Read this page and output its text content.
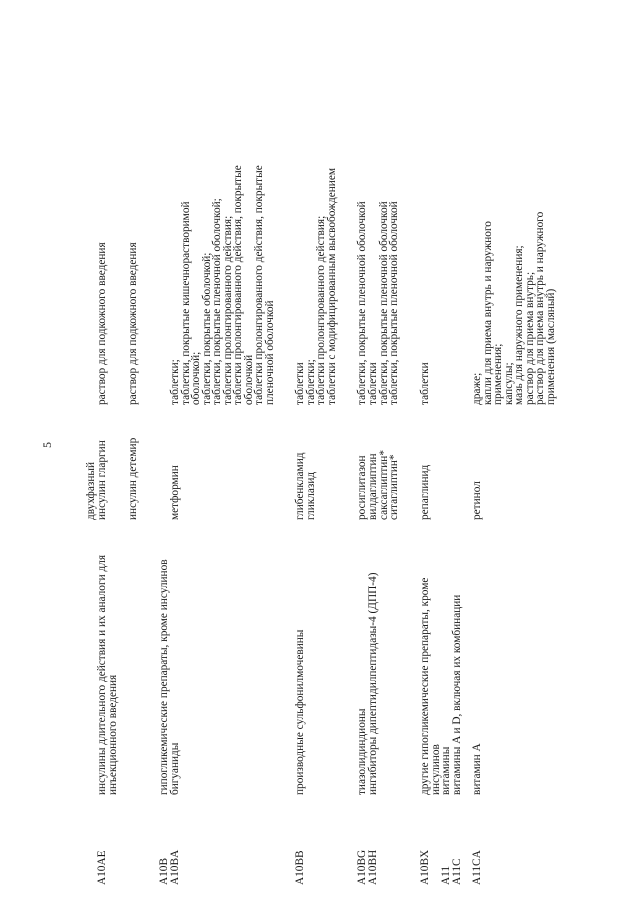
5
двухфазный
A10AE
инсулины длительного действия и их аналоги для
инъекционного введения
инсулин гларгин
раствор для подкожного введения
инсулин детемир
раствор для подкожного введения
A10B
гипогликемические препараты, кроме инсулинов
A10BA
бигуаниды
метформин
таблетки;
таблетки, покрытые кишечнорастворимой
оболочкой;
таблетки, покрытые оболочкой;
таблетки, покрытые пленочной оболочкой;
таблетки пролонгированного действия;
таблетки пролонгированного действия, покрытые
оболочкой
таблетки пролонгированного действия, покрытые
пленочной оболочкой
A10BB
производные сульфонилмочевины
глибенкламид
гликлазид
таблетки
таблетки;
таблетки пролонгированного действия;
таблетки с модифицированным высвобождением
A10BG
тиазолидиндионы
росиглитазон
таблетки, покрытые пленочной оболочкой
A10BH
ингибиторы дипептидилпептидазы-4 (ДПП-4)
вилдаглиптин
саксаглиптин*
ситаглиптин*
таблетки
таблетки, покрытые пленочной оболочкой
таблетки, покрытые пленочной оболочкой
A10BX
другие гипогликемические препараты, кроме
инсулинов
репаглинид
таблетки
A11
витамины
A11C
витамины A и D, включая их комбинации
A11CA
витамин A
ретинол
драже;
капли для приема внутрь и наружного
применения;
капсулы;
мазь для наружного применения;
раствор для приема внутрь;
раствор для приема внутрь и наружного
применения (масляный)
